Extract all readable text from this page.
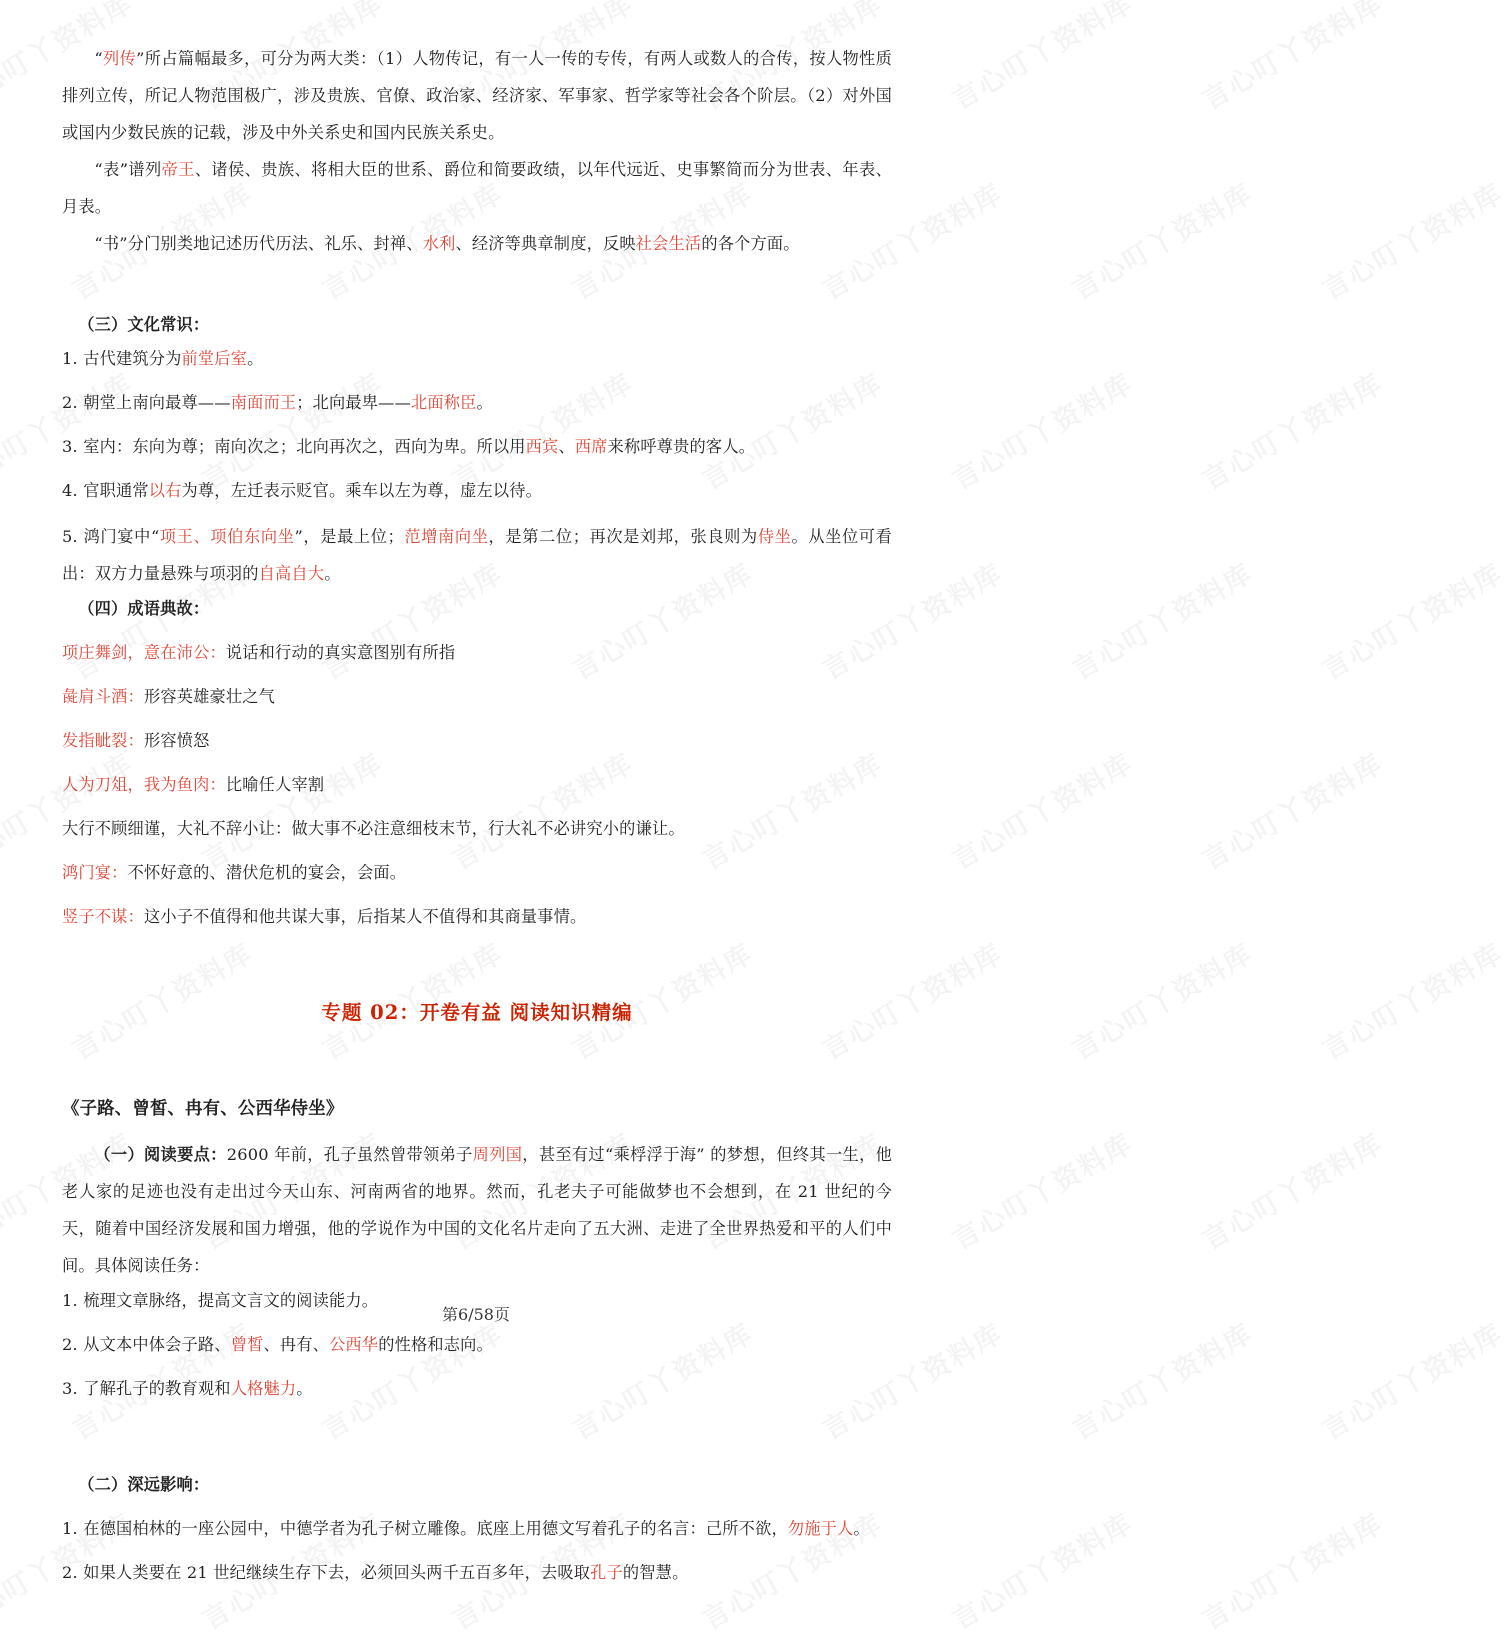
“列传”所占篇幅最多，可分为两大类：（1）人物传记，有一人一传的专传，有两人或数人的合传，按人物性质排列立传，所记人物范围极广，涉及贵族、官僚、政治家、经济家、军事家、哲学家等社会各个阶层。（2）对外国或国内少数民族的记载，涉及中外关系史和国内民族关系史。

“表”谱列帝王、诸侯、贵族、将相大臣的世系、爵位和简要政绩，以年代远近、史事繁简而分为世表、年表、月表。

“书”分门别类地记述历代历法、礼乐、封禅、水利、经济等典章制度，反映社会生活的各个方面。

（三）文化常识：

1. 古代建筑分为前堂后室。

2. 朝堂上南向最尊——南面而王；北向最卑——北面称臣。

3. 室内：东向为尊；南向次之；北向再次之，西向为卑。所以用西宾、西席来称呼尊贵的客人。

4. 官职通常以右为尊，左迁表示贬官。乘车以左为尊，虚左以待。

5. 鸿门宴中“项王、项伯东向坐”，是最上位；范增南向坐，是第二位；再次是刘邦，张良则为侍坐。从坐位可看出：双方力量悬殊与项羽的自高自大。

（四）成语典故：

项庄舞剑，意在沛公：说话和行动的真实意图别有所指

彘肩斗酒：形容英雄豪壮之气

发指眦裂：形容愤怒

人为刀俎，我为鱼肉：比喻任人宰割

大行不顾细谨，大礼不辞小让：做大事不必注意细枝末节，行大礼不必讲究小的谦让。

鸿门宴：不怀好意的、潜伏危机的宴会，会面。

竖子不谋：这小子不值得和他共谋大事，后指某人不值得和其商量事情。

专题 02：开卷有益 阅读知识精编

《子路、曾皙、冉有、公西华侍坐》

（一）阅读要点：2600 年前，孔子虽然曾带领弟子周列国，甚至有过“乘桴浮于海” 的梦想，但终其一生，他老人家的足迹也没有走出过今天山东、河南两省的地界。然而，孔老夫子可能做梦也不会想到，在 21 世纪的今天，随着中国经济发展和国力增强，他的学说作为中国的文化名片走向了五大洲、走进了全世界热爱和平的人们中间。具体阅读任务：

1. 梳理文章脉络，提高文言文的阅读能力。

2. 从文本中体会子路、曾皙、冉有、公西华的性格和志向。

3. 了解孔子的教育观和人格魅力。

（二）深远影响：

1. 在德国柏林的一座公园中，中德学者为孔子树立雕像。底座上用德文写着孔子的名言：己所不欲，勿施于人。

2. 如果人类要在 21 世纪继续生存下去，必须回头两千五百多年，去吸取孔子的智慧。

第6/58页
